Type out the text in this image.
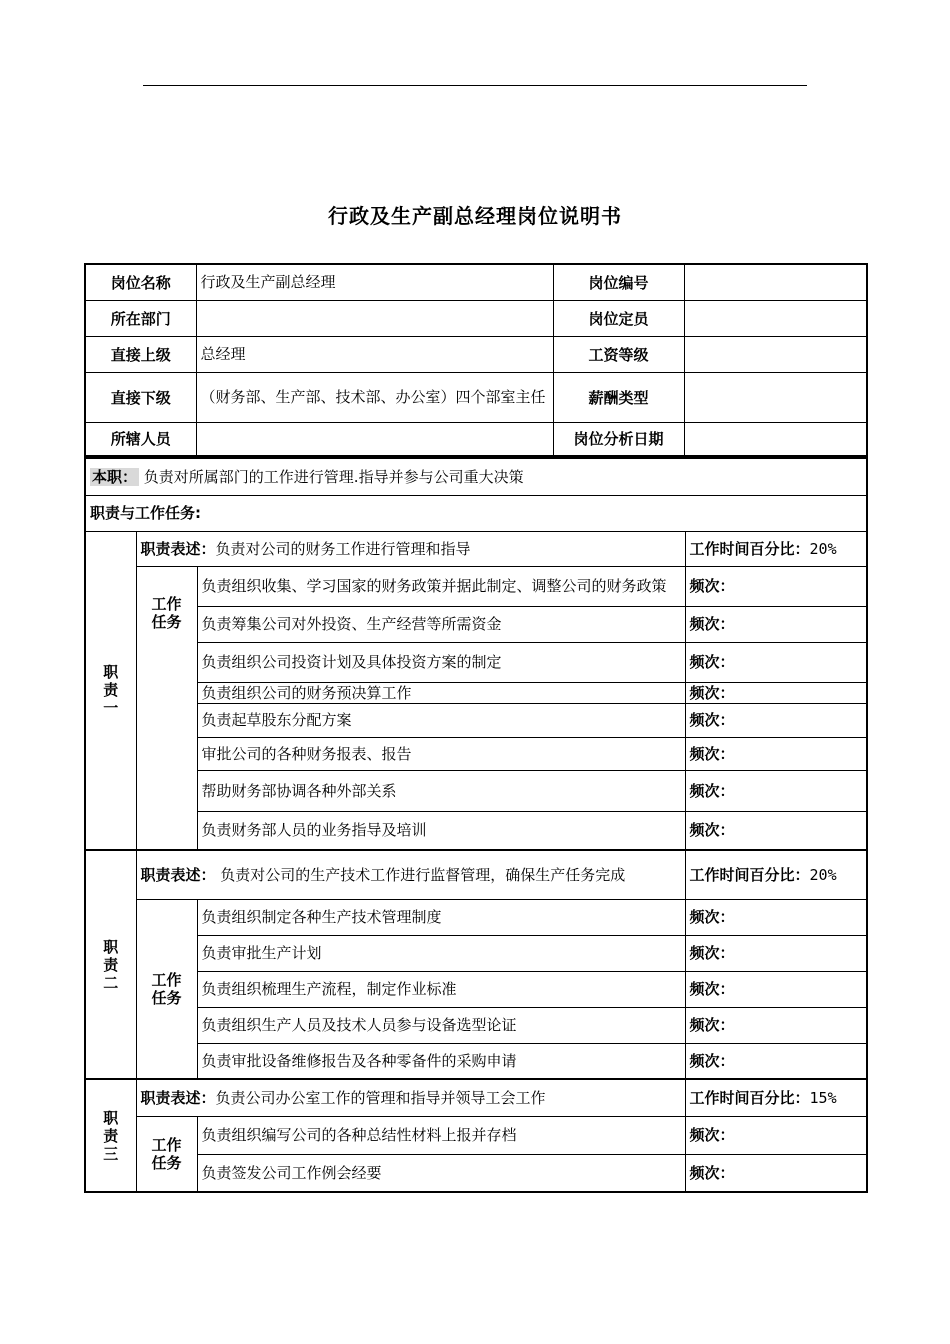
行政及生产副总经理岗位说明书
岗位名称	行政及生产副总经理	岗位编号	
所在部门		岗位定员	
直接上级	总经理	工资等级	
直接下级	（财务部、生产部、技术部、办公室）四个部室主任	薪酬类型	
所辖人员		岗位分析日期	
本职： 负责对所属部门的工作进行管理.指导并参与公司重大决策			
职责与工作任务:			
职
责
一	职责表述：负责对公司的财务工作进行管理和指导		工作时间百分比：20%
	工作
任务	负责组织收集、学习国家的财务政策并据此制定、调整公司的财务政策	频次：
		负责筹集公司对外投资、生产经营等所需资金	频次：
		负责组织公司投资计划及具体投资方案的制定	频次：
		负责组织公司的财务预决算工作	频次：
		负责起草股东分配方案	频次：
		审批公司的各种财务报表、报告	频次：
		帮助财务部协调各种外部关系	频次：
		负责财务部人员的业务指导及培训	频次：
职
责
二	职责表述： 负责对公司的生产技术工作进行监督管理，确保生产任务完成		工作时间百分比：20%
	工作
任务	负责组织制定各种生产技术管理制度	频次：
		负责审批生产计划	频次：
		负责组织梳理生产流程，制定作业标准	频次：
		负责组织生产人员及技术人员参与设备选型论证	频次：
		负责审批设备维修报告及各种零备件的采购申请	频次：
职
责
三	职责表述：负责公司办公室工作的管理和指导并领导工会工作		工作时间百分比：15%
	工作
任务	负责组织编写公司的各种总结性材料上报并存档	频次：
		负责签发公司工作例会经要	频次：
